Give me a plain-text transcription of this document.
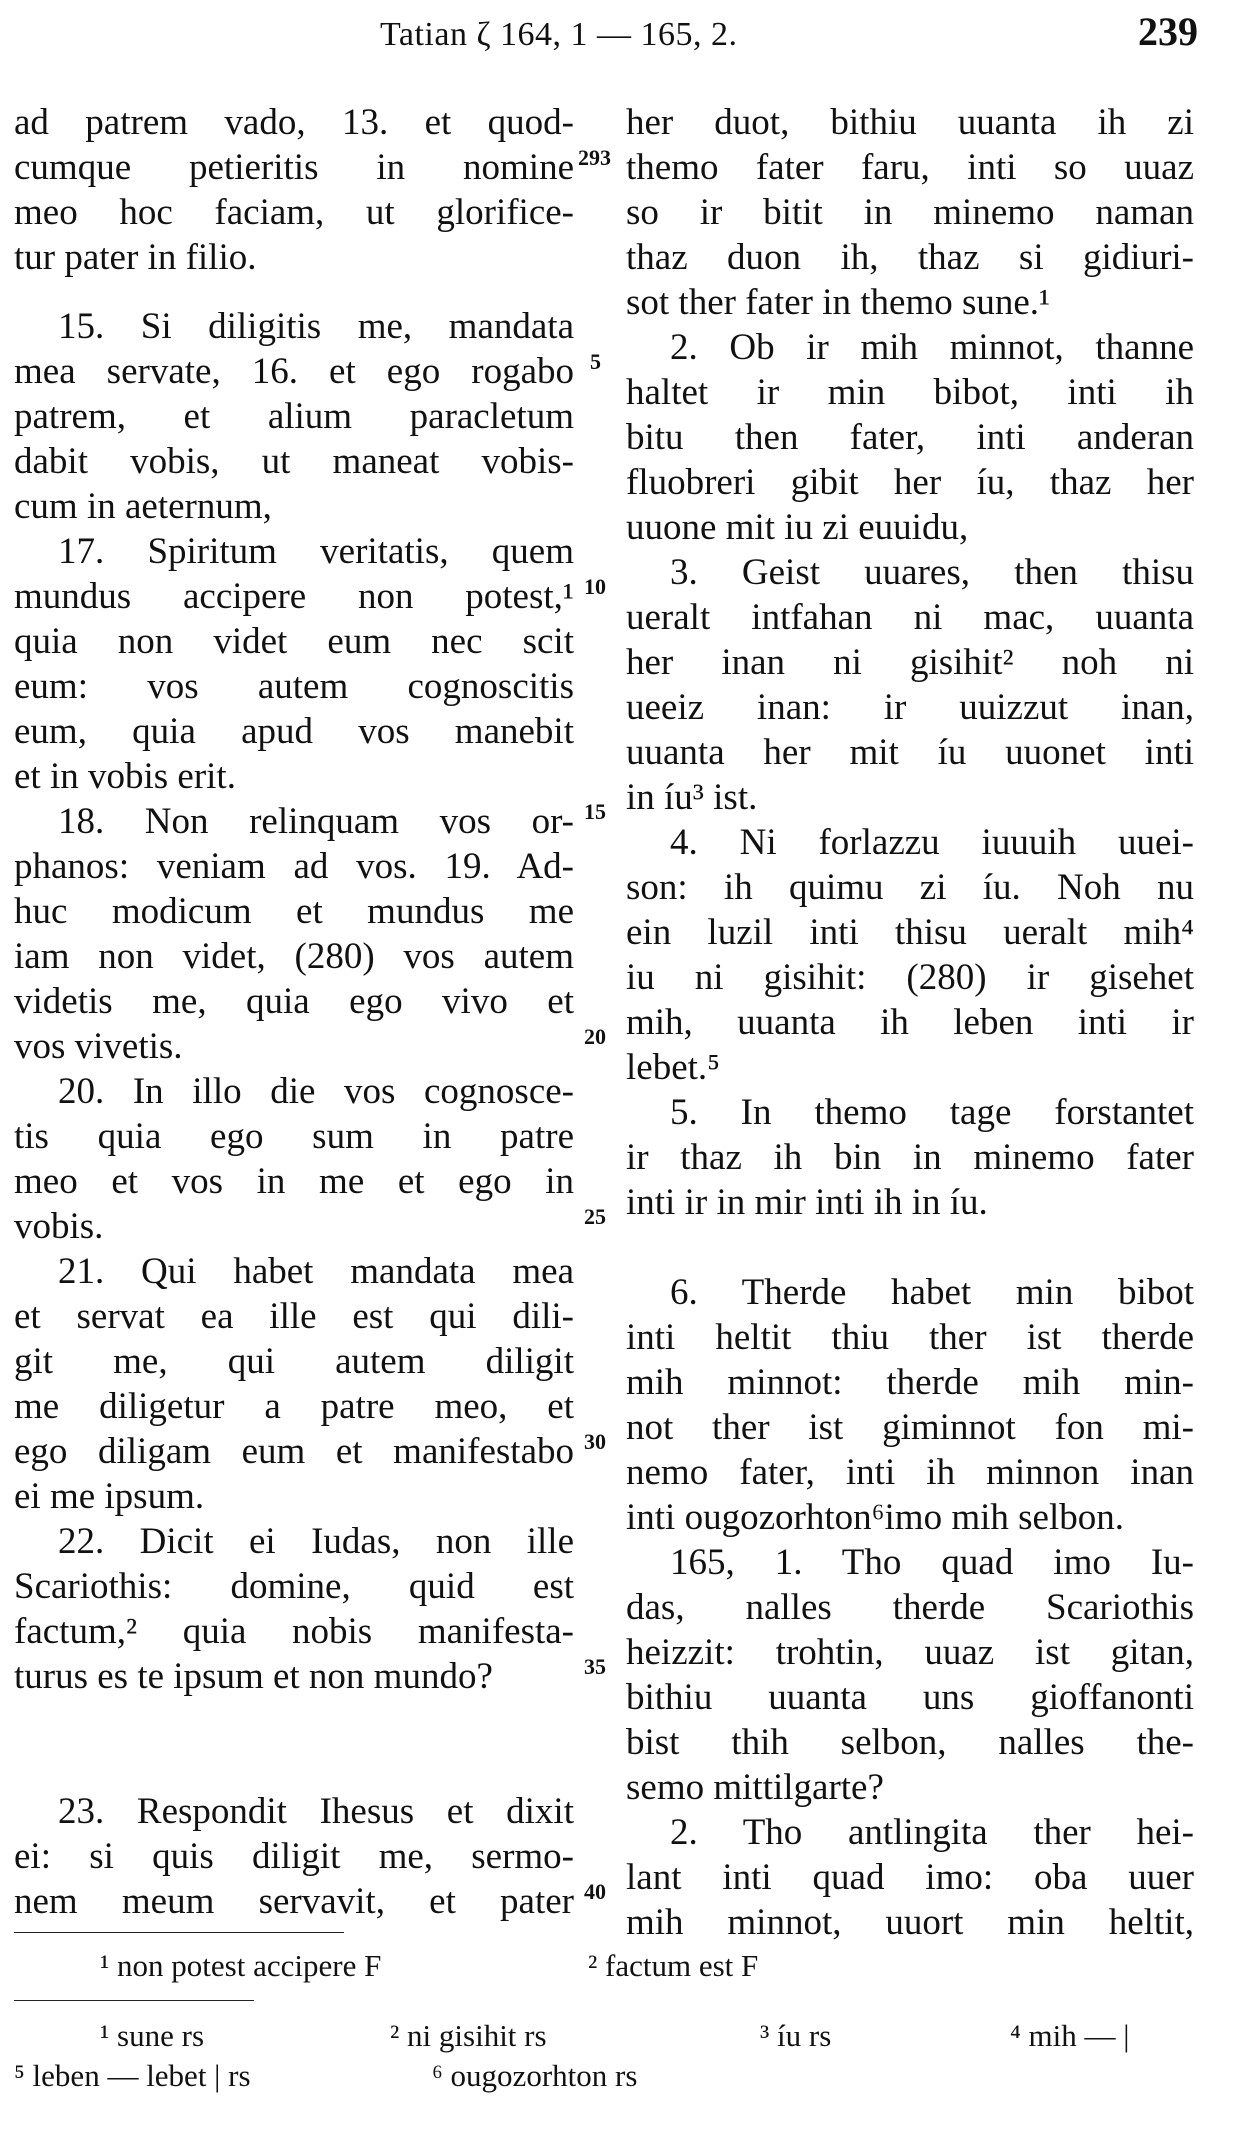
Tatian ζ 164, 1 — 165, 2.	239
ad patrem vado, 13. et quod-
cumque petieritis in nomine
meo hoc faciam, ut glorifice-
tur pater in filio.
15. Si diligitis me, mandata
mea servate, 16. et ego rogabo
patrem, et alium paracletum
dabit vobis, ut maneat vobis-
cum in aeternum,
17. Spiritum veritatis, quem
mundus accipere non potest,¹
quia non videt eum nec scit
eum: vos autem cognoscitis
eum, quia apud vos manebit
et in vobis erit.
18. Non relinquam vos or-
phanos: veniam ad vos. 19. Ad-
huc modicum et mundus me
iam non videt, (280) vos autem
videtis me, quia ego vivo et
vos vivetis.
20. In illo die vos cognosce-
tis quia ego sum in patre
meo et vos in me et ego in
vobis.
21. Qui habet mandata mea
et servat ea ille est qui dili-
git me, qui autem diligit
me diligetur a patre meo, et
ego diligam eum et manifestabo
ei me ipsum.
22. Dicit ei Iudas, non ille
Scariothis: domine, quid est
factum,² quia nobis manifesta-
turus es te ipsum et non mundo?
23. Respondit Ihesus et dixit
ei: si quis diligit me, sermo-
nem meum servavit, et pater
293
5
10
15
20
25
30
35
40
her duot, bithiu uuanta ih zi
themo fater faru, inti so uuaz
so ir bitit in minemo naman
thaz duon ih, thaz si gidiuri-
sot ther fater in themo sune.¹
2. Ob ir mih minnot, thanne
haltet ir min bibot, inti ih
bitu then fater, inti anderan
fluobreri gibit her íu, thaz her
uuone mit iu zi euuidu,
3. Geist uuares, then thisu
ueralt intfahan ni mac, uuanta
her inan ni gisihit² noh ni
ueeiz inan: ir uuizzut inan,
uuanta her mit íu uuonet inti
in íu³ ist.
4. Ni forlazzu iuuuih uuei-
son: ih quimu zi íu. Noh nu
ein luzil inti thisu ueralt mih⁴
iu ni gisihit: (280) ir gisehet
mih, uuanta ih leben inti ir
lebet.⁵
5. In themo tage forstantet
ir thaz ih bin in minemo fater
inti ir in mir inti ih in íu.
6. Therde habet min bibot
inti heltit thiu ther ist therde
mih minnot: therde mih min-
not ther ist giminnot fon mi-
nemo fater, inti ih minnon inan
inti ougozorhton⁶imo mih selbon.
165, 1. Tho quad imo Iu-
das, nalles therde Scariothis
heizzit: trohtin, uuaz ist gitan,
bithiu uuanta uns gioffanonti
bist thih selbon, nalles the-
semo mittilgarte?
2. Tho antlingita ther hei-
lant inti quad imo: oba uuer
mih minnot, uuort min heltit,
¹ non potest accipere F	² factum est F
¹ sune rs	² ni gisihit rs	³ íu rs	⁴ mih — |
⁵ leben — lebet | rs	⁶ ougozorhton rs
